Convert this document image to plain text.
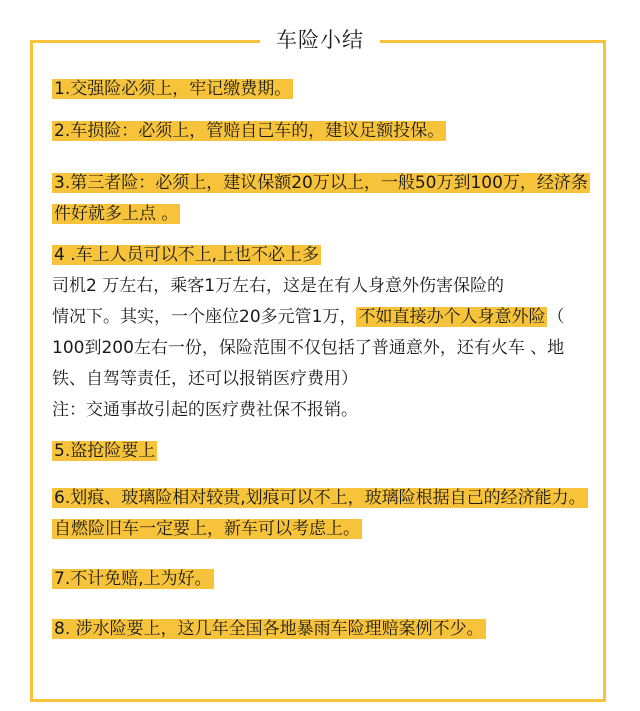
车险小结
1.交强险必须上，牢记缴费期。
2.车损险：必须上，管赔自己车的，建议足额投保。
3.第三者险：必须上，建议保额20万以上，一般50万到100万，经济条件好就多上点 。
4 .车上人员可以不上,上也不必上多
司机2 万左右，乘客1万左右，这是在有人身意外伤害保险的
情况下。其实，一个座位20多元管1万， 不如直接办个人身意外险 （ 100到200左右一份，保险范围不仅包括了普通意外，还有火车 、地铁、自驾等责任，还可以报销医疗费用）
注：交通事故引起的医疗费社保不报销。
5.盗抢险要上
6.划痕、玻璃险相对较贵,划痕可以不上，玻璃险根据自己的经济能力。自燃险旧车一定要上，新车可以考虑上。
7.不计免赔,上为好。
8. 涉水险要上，这几年全国各地暴雨车险理赔案例不少。
